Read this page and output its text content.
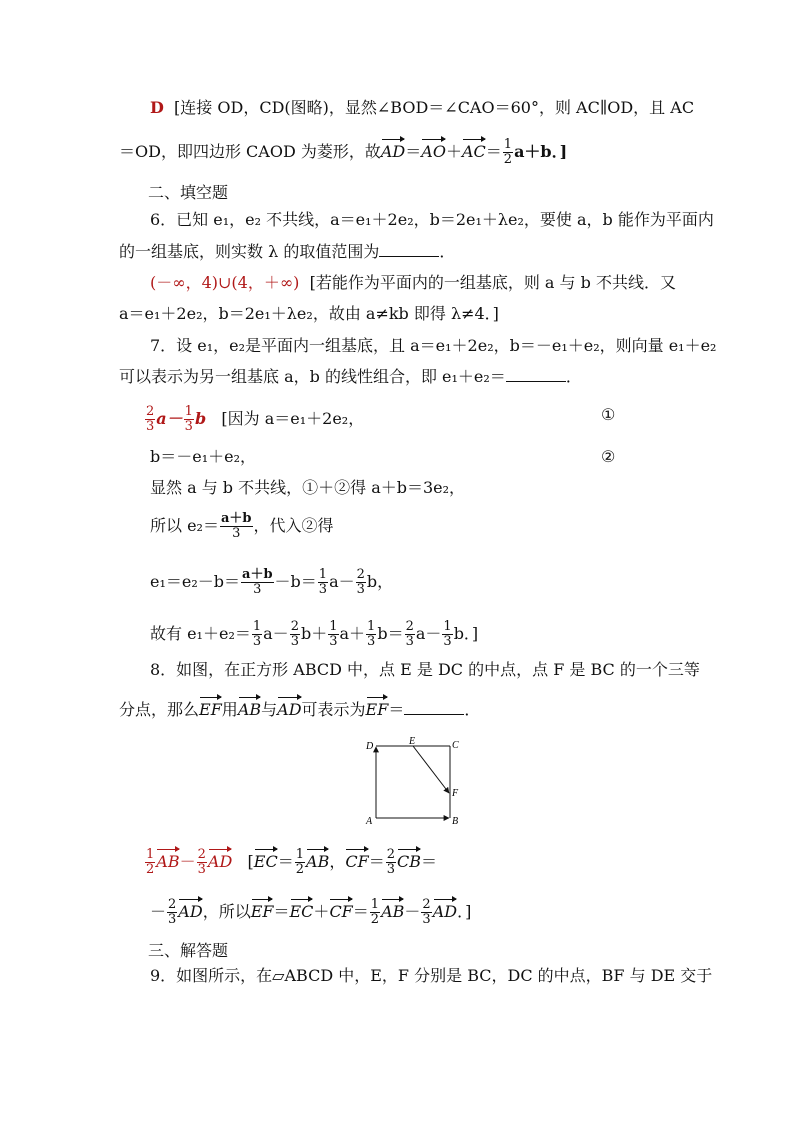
D [连接 OD，CD(图略)，显然∠BOD＝∠CAO＝60°，则 AC∥OD，且 AC
＝OD，即四边形 CAOD 为菱形，故$AD=AO+AC= \frac{1}{2} a+b$．]
二、填空题
6．已知 e₁，e₂ 不共线，a＝e₁＋2e₂，b＝2e₁＋λe₂，要使 a，b 能作为平面内
的一组基底，则实数 λ 的取值范围为	．
(－∞，4)∪(4，＋∞) [若能作为平面内的一组基底，则 a 与 b 不共线．又
a＝e₁＋2e₂，b＝2e₁＋λe₂，故由 a≠kb 即得 λ≠4．]
7．设 e₁，e₂是平面内一组基底，且 a＝e₁＋2e₂，b＝－e₁＋e₂，则向量 e₁＋e₂
可以表示为另一组基底 a，b 的线性组合，即 e₁＋e₂＝	．
$\frac{2}{3} a- \frac{1}{3}$ b [因为 a＝e₁＋2e₂，	①
b＝－e₁＋e₂，	②
显然 a 与 b 不共线，①＋②得 a＋b＝3e₂，
所以 $e_2= \frac{a+b}{3}$ ，代入②得
$e_1=e_2-b= \frac{a+b}{3} -b= \frac{1}{3} a- \frac{2}{3}$ b，
故有 $e_1+e_2= \frac{1}{3} a- \frac{2}{3} b+ \frac{1}{3} a+ \frac{1}{3} b= \frac{2}{3} a- \frac{1}{3}$ b．]
8．如图，在正方形 ABCD 中，点 E 是 DC 的中点，点 F 是 BC 的一个三等
分点，那么EF用AB与AD可表示为EF＝	．
D	E	C
F
A	B
$\frac{1}{2} AB- \frac{2}{3}$ AD [$EC= \frac{1}{2}$ AB，$CF= \frac{2}{3} CB=$
－ $\frac{2}{3}$ AD，所以$EF=EC+CF= \frac{1}{2} AB- \frac{2}{3}$ AD．]
三、解答题
9．如图所示，在▱ABCD 中，E，F 分别是 BC，DC 的中点，BF 与 DE 交于
